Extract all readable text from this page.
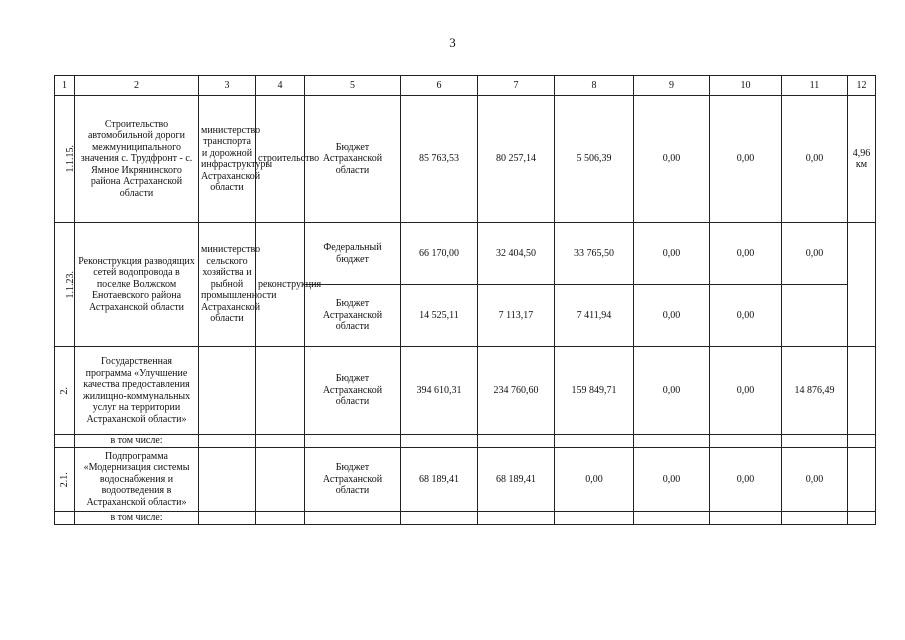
3
1	2	3	4	5	6	7	8	9	10	11	12
1.1.15.	Строительство автомобильной дороги межмуниципального значения с. Трудфронт - с. Ямное Икрянинского района Астраханской области	министерство транспорта и дорожной инфраструктуры Астраханской области	строительство	Бюджет Астраханской области	85 763,53	80 257,14	5 506,39	0,00	0,00	0,00	4,96 км
1.1.23.	Реконструкция разводящих сетей водопровода в поселке Волжском Енотаевского района Астраханской области	министерство сельского хозяйства и рыбной промышленности Астраханской области	реконструкция	Федеральный бюджет	66 170,00	32 404,50	33 765,50	0,00	0,00	0,00	
				Бюджет Астраханской области	14 525,11	7 113,17	7 411,94	0,00	0,00		
2.	Государственная программа «Улучшение качества предоставления жилищно-коммунальных услуг на территории Астраханской области»			Бюджет Астраханской области	394 610,31	234 760,60	159 849,71	0,00	0,00	14 876,49	
	в том числе:										
2.1.	Подпрограмма «Модернизация системы водоснабжения и водоотведения в Астраханской области»			Бюджет Астраханской области	68 189,41	68 189,41	0,00	0,00	0,00	0,00	
	в том числе:										
